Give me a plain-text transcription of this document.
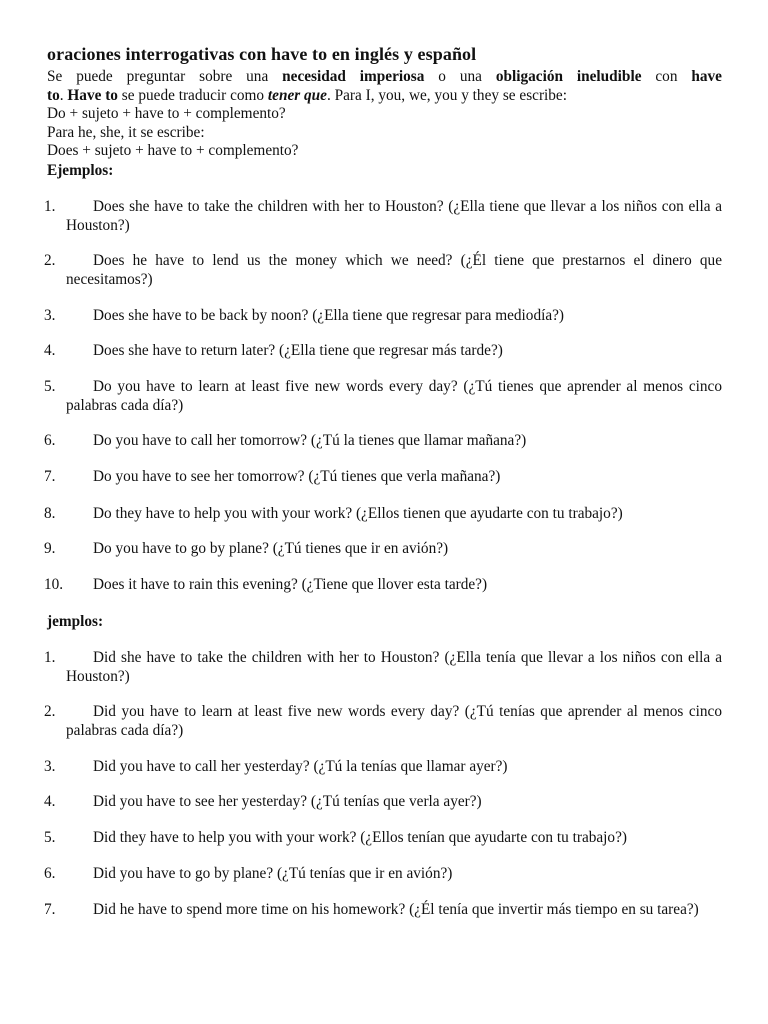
oraciones interrogativas con have to en inglés y español

Se puede preguntar sobre una necesidad imperiosa o una obligación ineludible con have

to. Have to se puede traducir como tener que. Para I, you, we, you y they se escribe:

Do + sujeto + have to + complemento?

Para he, she, it se escribe:

Does + sujeto + have to + complemento?

Ejemplos:
1.	Does she have to take the children with her to Houston? (¿Ella tiene que llevar a los niños con ella a Houston?)
2.	Does he have to lend us the money which we need? (¿Él tiene que prestarnos el dinero que necesitamos?)
3.	Does she have to be back by noon? (¿Ella tiene que regresar para mediodía?)
4.	Does she have to return later? (¿Ella tiene que regresar más tarde?)
5.	Do you have to learn at least five new words every day? (¿Tú tienes que aprender al menos cinco palabras cada día?)
6.	Do you have to call her tomorrow? (¿Tú la tienes que llamar mañana?)
7.	Do you have to see her tomorrow? (¿Tú tienes que verla mañana?)
8.	Do they have to help you with your work? (¿Ellos tienen que ayudarte con tu trabajo?)
9.	Do you have to go by plane? (¿Tú tienes que ir en avión?)
10.	Does it have to rain this evening? (¿Tiene que llover esta tarde?)
jemplos:
1.	Did she have to take the children with her to Houston? (¿Ella tenía que llevar a los niños con ella a Houston?)
2.	Did you have to learn at least five new words every day? (¿Tú tenías que aprender al menos cinco palabras cada día?)
3.	Did you have to call her yesterday? (¿Tú la tenías que llamar ayer?)
4.	Did you have to see her yesterday? (¿Tú tenías que verla ayer?)
5.	Did they have to help you with your work? (¿Ellos tenían que ayudarte con tu trabajo?)
6.	Did you have to go by plane? (¿Tú tenías que ir en avión?)
7.	Did he have to spend more time on his homework? (¿Él tenía que invertir más tiempo en su tarea?)
